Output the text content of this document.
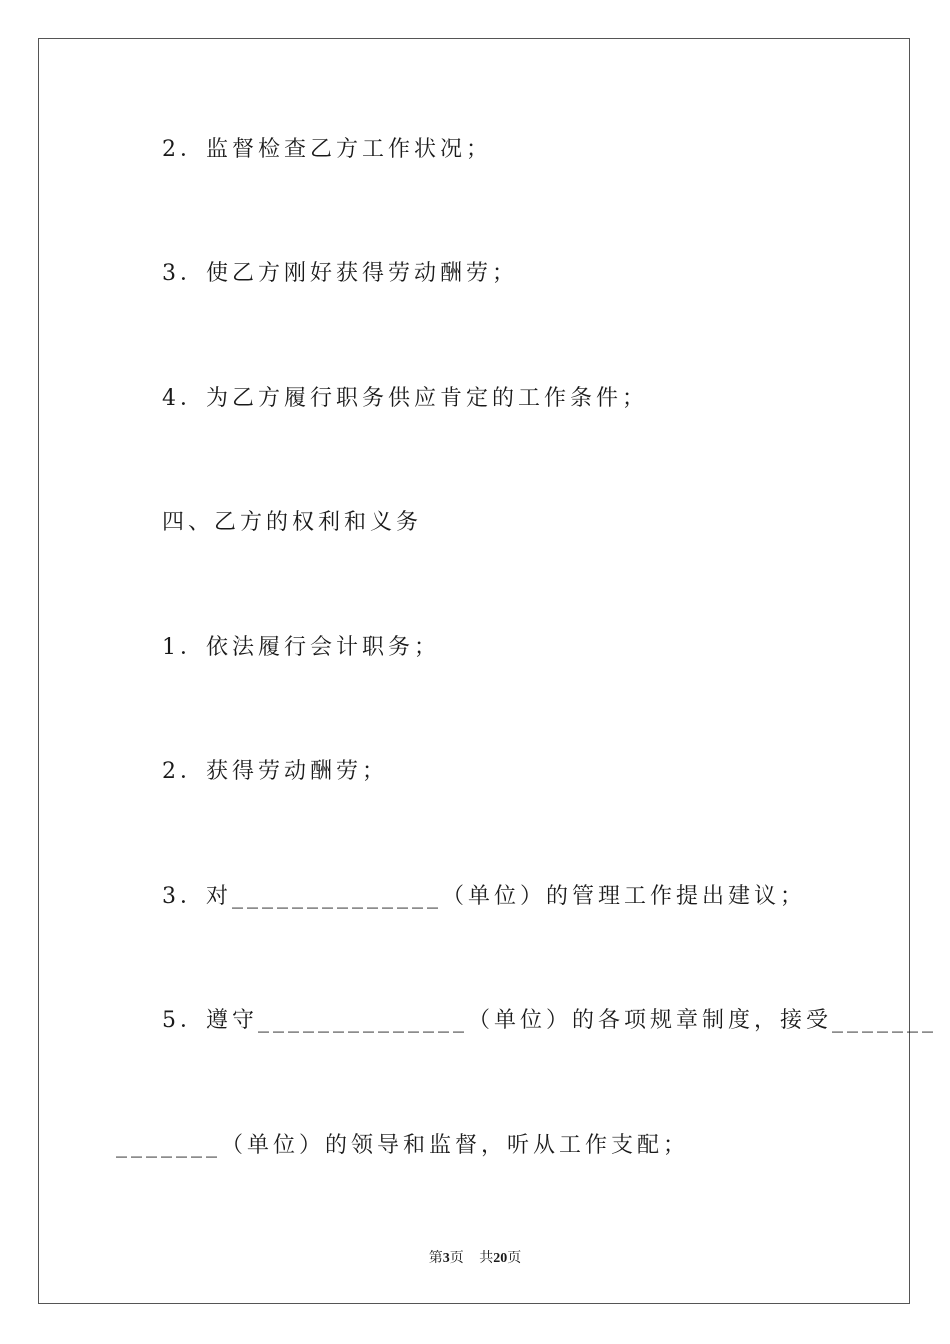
2．监督检查乙方工作状况；
3．使乙方刚好获得劳动酬劳；
4．为乙方履行职务供应肯定的工作条件；
四、乙方的权利和义务
1．依法履行会计职务；
2．获得劳动酬劳；
3．对______________（单位）的管理工作提出建议；
5．遵守______________（单位）的各项规章制度，接受_______
_______（单位）的领导和监督，听从工作支配；
第3页 共20页
